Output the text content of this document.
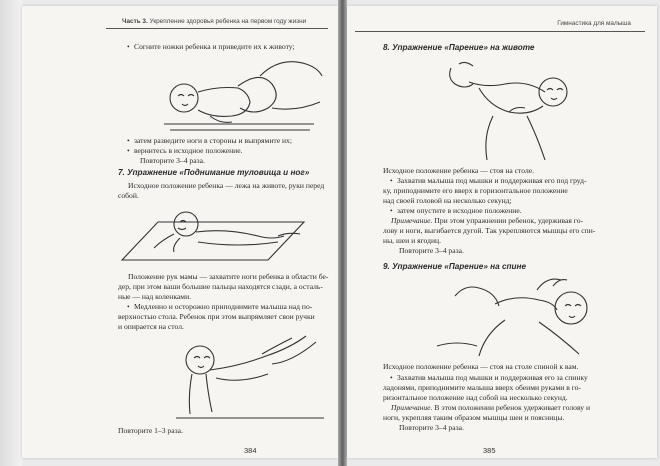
Часть 3. Укрепление здоровья ребенка на первом году жизни
• Согните ножки ребенка и приведите их к животу;
• затем разведите ноги в стороны и выпрямите их;
• вернитесь в исходное положение.
Повторите 3–4 раза.
7. Упражнение «Поднимание туловища и ног»
Исходное положение ребенка — лежа на животе, руки перед
собой.
Положение рук мамы — захватите ноги ребенка в области бе-
дер, при этом ваши большие пальцы находятся сзади, а осталь-
ные — над коленками.
• Медленно и осторожно приподнимите малыша над по-
верхностью стола. Ребенок при этом выпрямляет свои ручки
и опирается на стол.
Повторите 1–3 раза.
384
Гимнастика для малыша
8. Упражнение «Парение» на животе
Исходное положение ребенка — стоя на столе.
• Захватив малыша под мышки и поддерживая его под груд-
ку, приподнимите его вверх в горизонтальное положение
над своей головой на несколько секунд;
• затем опустите в исходное положение.
Примечание. При этом упражнении ребенок, удерживая го-
лову и ноги, выгибается дугой. Так укрепляются мышцы его спи-
ны, шеи и ягодиц.
Повторите 3–4 раза.
9. Упражнение «Парение» на спине
Исходное положение ребенка — стоя на столе спиной к вам.
• Захватив малыша под мышки и поддерживая его за спинку
ладонями, приподнимите малыша вверх обеими руками в го-
ризонтальное положение над собой на несколько секунд.
Примечание. В этом положении ребенок удерживает голову и
ноги, укрепляя таким образом мышцы шеи и поясницы.
Повторите 3–4 раза.
385
